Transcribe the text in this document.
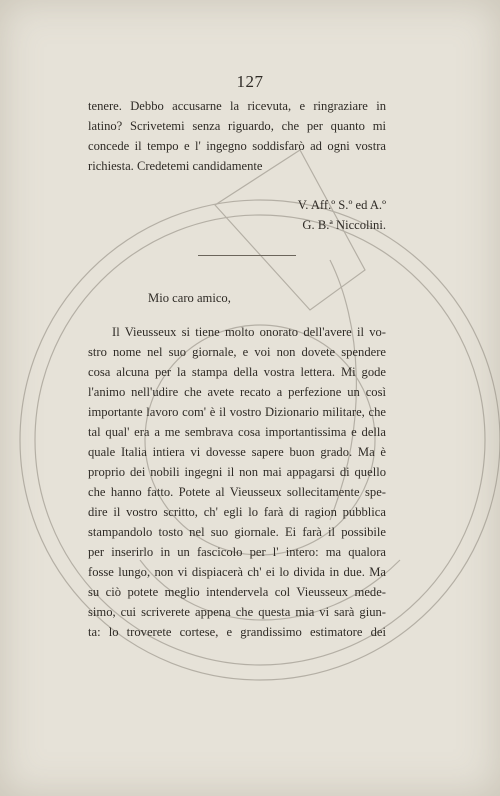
127
tenere. Debbo accusarne la ricevuta, e ringraziare in
latino? Scrivetemi senza riguardo, che per quanto mi
concede il tempo e l' ingegno soddisfarò ad ogni vostra
richiesta. Credetemi candidamente
V. Aff.º S.º ed A.º
G. B.ª Niccolini.
Mio caro amico,
Il Vieusseux si tiene molto onorato dell'avere il vo-
stro nome nel suo giornale, e voi non dovete spendere
cosa alcuna per la stampa della vostra lettera. Mi gode
l'animo nell'udire che avete recato a perfezione un così
importante lavoro com' è il vostro Dizionario militare, che
tal qual' era a me sembrava cosa importantissima e della
quale Italia intiera vi dovesse sapere buon grado. Ma è
proprio dei nobili ingegni il non mai appagarsi di quello
che hanno fatto. Potete al Vieusseux sollecitamente spe-
dire il vostro scritto, ch' egli lo farà di ragion pubblica
stampandolo tosto nel suo giornale. Ei farà il possibile
per inserirlo in un fascicolo per l' intero: ma qualora
fosse lungo, non vi dispiacerà ch' ei lo divida in due. Ma
su ciò potete meglio intendervela col Vieusseux mede-
simo, cui scriverete appena che questa mia vi sarà giun-
ta: lo troverete cortese, e grandissimo estimatore dei
